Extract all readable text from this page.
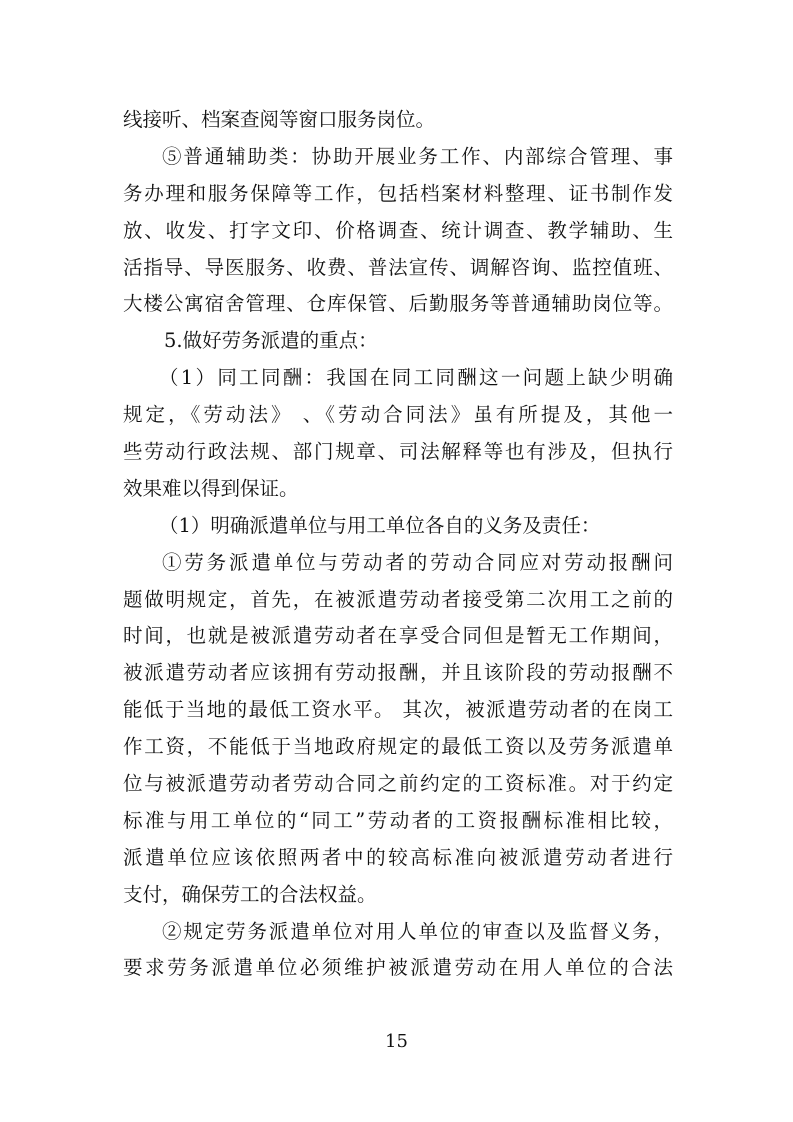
线接听、档案查阅等窗口服务岗位。
⑤普通辅助类：协助开展业务工作、内部综合管理、事
务办理和服务保障等工作，包括档案材料整理、证书制作发
放、收发、打字文印、价格调查、统计调查、教学辅助、生
活指导、导医服务、收费、普法宣传、调解咨询、监控值班、
大楼公寓宿舍管理、仓库保管、后勤服务等普通辅助岗位等。
5.做好劳务派遣的重点：
（1）同工同酬：我国在同工同酬这一问题上缺少明确
规定，《劳动法》 、《劳动合同法》虽有所提及，其他一
些劳动行政法规、部门规章、司法解释等也有涉及，但执行
效果难以得到保证。
（1）明确派遣单位与用工单位各自的义务及责任：
①劳务派遣单位与劳动者的劳动合同应对劳动报酬问
题做明规定，首先，在被派遣劳动者接受第二次用工之前的
时间，也就是被派遣劳动者在享受合同但是暂无工作期间，
被派遣劳动者应该拥有劳动报酬，并且该阶段的劳动报酬不
能低于当地的最低工资水平。 其次，被派遣劳动者的在岗工
作工资，不能低于当地政府规定的最低工资以及劳务派遣单
位与被派遣劳动者劳动合同之前约定的工资标准。对于约定
标准与用工单位的“同工”劳动者的工资报酬标准相比较，
派遣单位应该依照两者中的较高标准向被派遣劳动者进行
支付，确保劳工的合法权益。
②规定劳务派遣单位对用人单位的审查以及监督义务，
要求劳务派遣单位必须维护被派遣劳动在用人单位的合法
15
